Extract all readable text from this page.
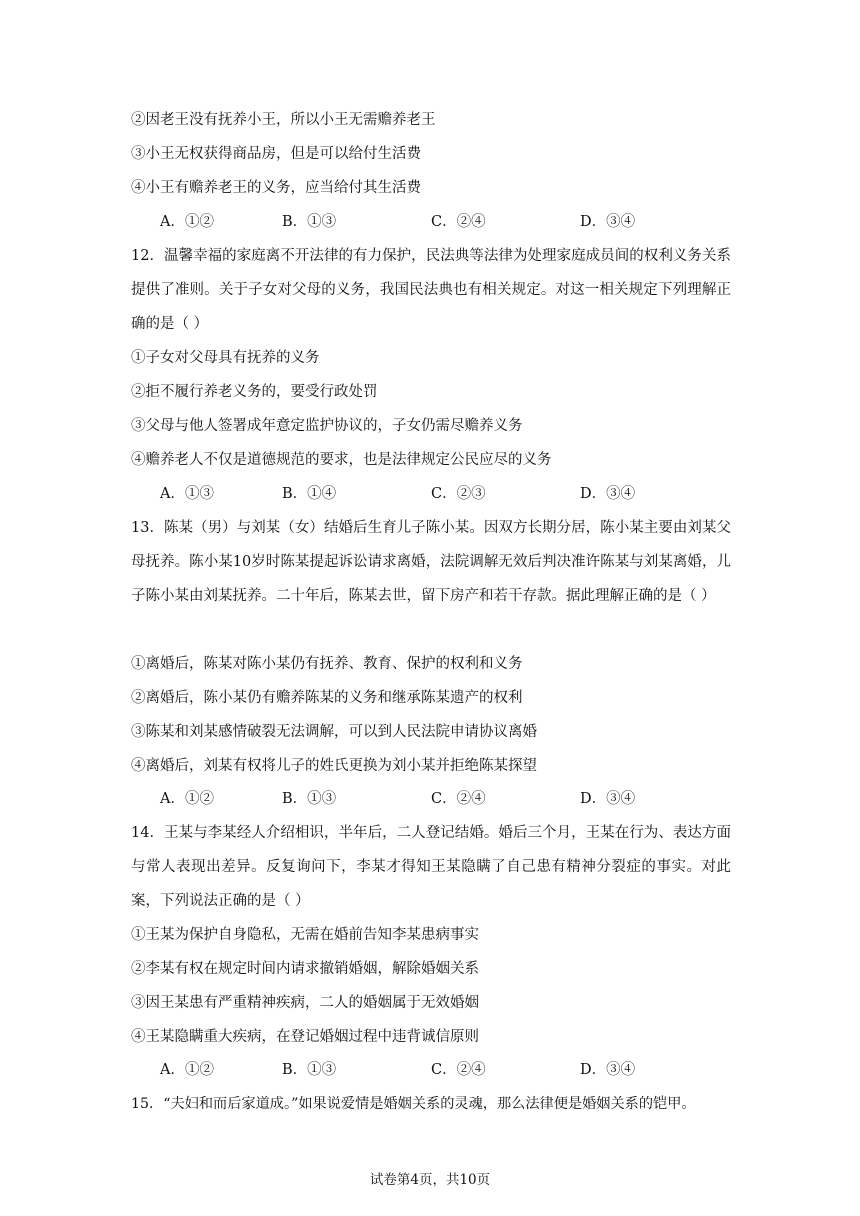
②因老王没有抚养小王，所以小王无需赡养老王
③小王无权获得商品房，但是可以给付生活费
④小王有赡养老王的义务，应当给付其生活费
A．①②	B．①③	C．②④	D．③④

12．温馨幸福的家庭离不开法律的有力保护，民法典等法律为处理家庭成员间的权利义务关系提供了准则。关于子女对父母的义务，我国民法典也有相关规定。对这一相关规定下列理解正确的是（ ）

①子女对父母具有抚养的义务
②拒不履行养老义务的，要受行政处罚
③父母与他人签署成年意定监护协议的，子女仍需尽赡养义务
④赡养老人不仅是道德规范的要求，也是法律规定公民应尽的义务
A．①③	B．①④	C．②③	D．③④

13．陈某（男）与刘某（女）结婚后生育儿子陈小某。因双方长期分居，陈小某主要由刘某父母抚养。陈小某10岁时陈某提起诉讼请求离婚，法院调解无效后判决准许陈某与刘某离婚，儿子陈小某由刘某抚养。二十年后，陈某去世，留下房产和若干存款。据此理解正确的是（ ）

①离婚后，陈某对陈小某仍有抚养、教育、保护的权利和义务
②离婚后，陈小某仍有赡养陈某的义务和继承陈某遗产的权利
③陈某和刘某感情破裂无法调解，可以到人民法院申请协议离婚
④离婚后，刘某有权将儿子的姓氏更换为刘小某并拒绝陈某探望
A．①②	B．①③	C．②④	D．③④

14．王某与李某经人介绍相识，半年后，二人登记结婚。婚后三个月，王某在行为、表达方面与常人表现出差异。反复询问下，李某才得知王某隐瞒了自己患有精神分裂症的事实。对此案，下列说法正确的是（ ）

①王某为保护自身隐私，无需在婚前告知李某患病事实
②李某有权在规定时间内请求撤销婚姻，解除婚姻关系
③因王某患有严重精神疾病，二人的婚姻属于无效婚姻
④王某隐瞒重大疾病，在登记婚姻过程中违背诚信原则
A．①②	B．①③	C．②④	D．③④
15．“夫妇和而后家道成。”如果说爱情是婚姻关系的灵魂，那么法律便是婚姻关系的铠甲。
试卷第4页，共10页
